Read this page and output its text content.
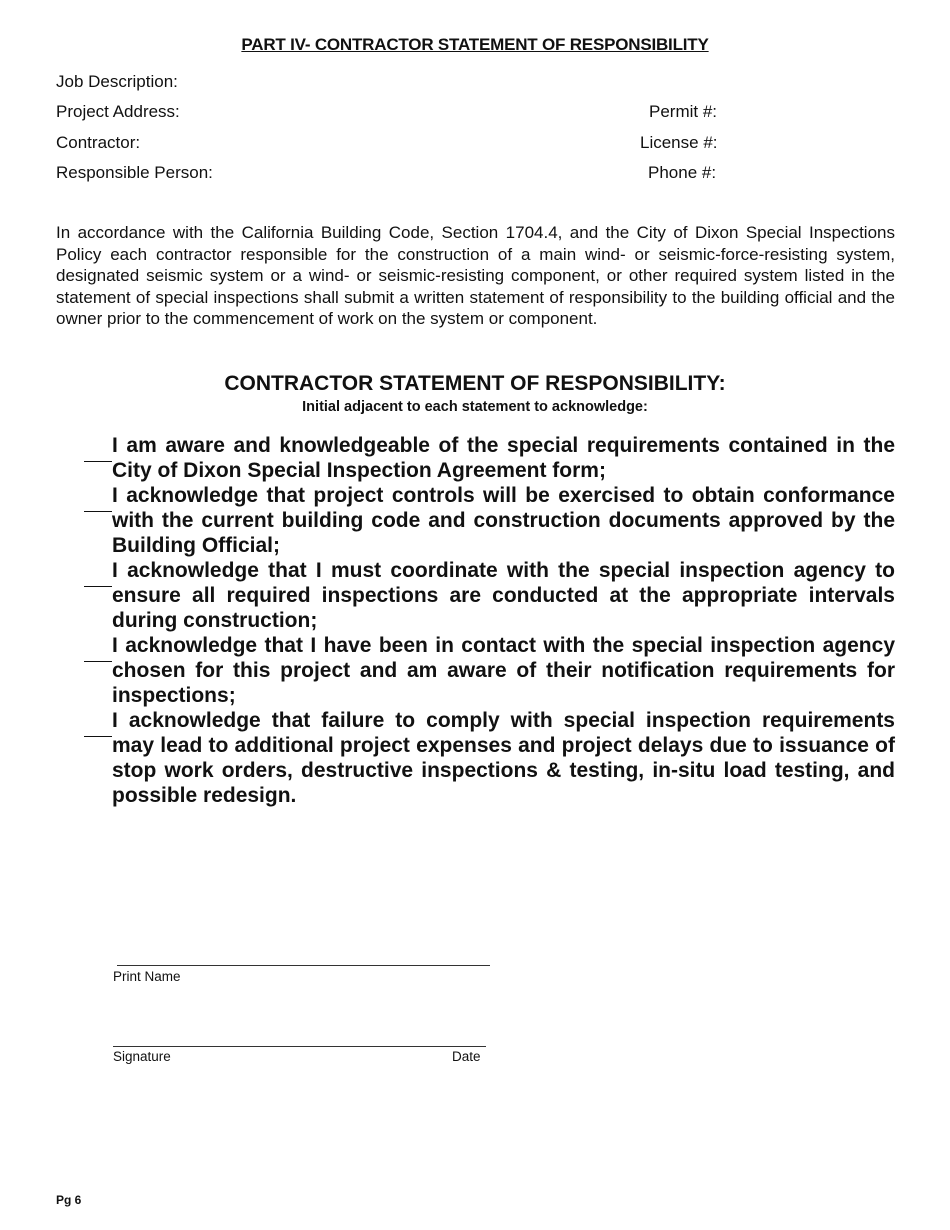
PART IV- CONTRACTOR STATEMENT OF RESPONSIBILITY
Job Description:
Project Address:	Permit #:
Contractor:	License #:
Responsible Person:	Phone #:
In accordance with the California Building Code, Section 1704.4, and the City of Dixon Special Inspections Policy each contractor responsible for the construction of a main wind- or seismic-force-resisting system, designated seismic system or a wind- or seismic-resisting component, or other required system listed in the statement of special inspections shall submit a written statement of responsibility to the building official and the owner prior to the commencement of work on the system or component.
CONTRACTOR STATEMENT OF RESPONSIBILITY:
Initial adjacent to each statement to acknowledge:
I am aware and knowledgeable of the special requirements contained in the City of Dixon Special Inspection Agreement form;
I acknowledge that project controls will be exercised to obtain conformance with the current building code and construction documents approved by the Building Official;
I acknowledge that I must coordinate with the special inspection agency to ensure all required inspections are conducted at the appropriate intervals during construction;
I acknowledge that I have been in contact with the special inspection agency chosen for this project and am aware of their notification requirements for inspections;
I acknowledge that failure to comply with special inspection requirements may lead to additional project expenses and project delays due to issuance of stop work orders, destructive inspections & testing, in-situ load testing, and possible redesign.
Print Name
Signature	Date
Pg 6
